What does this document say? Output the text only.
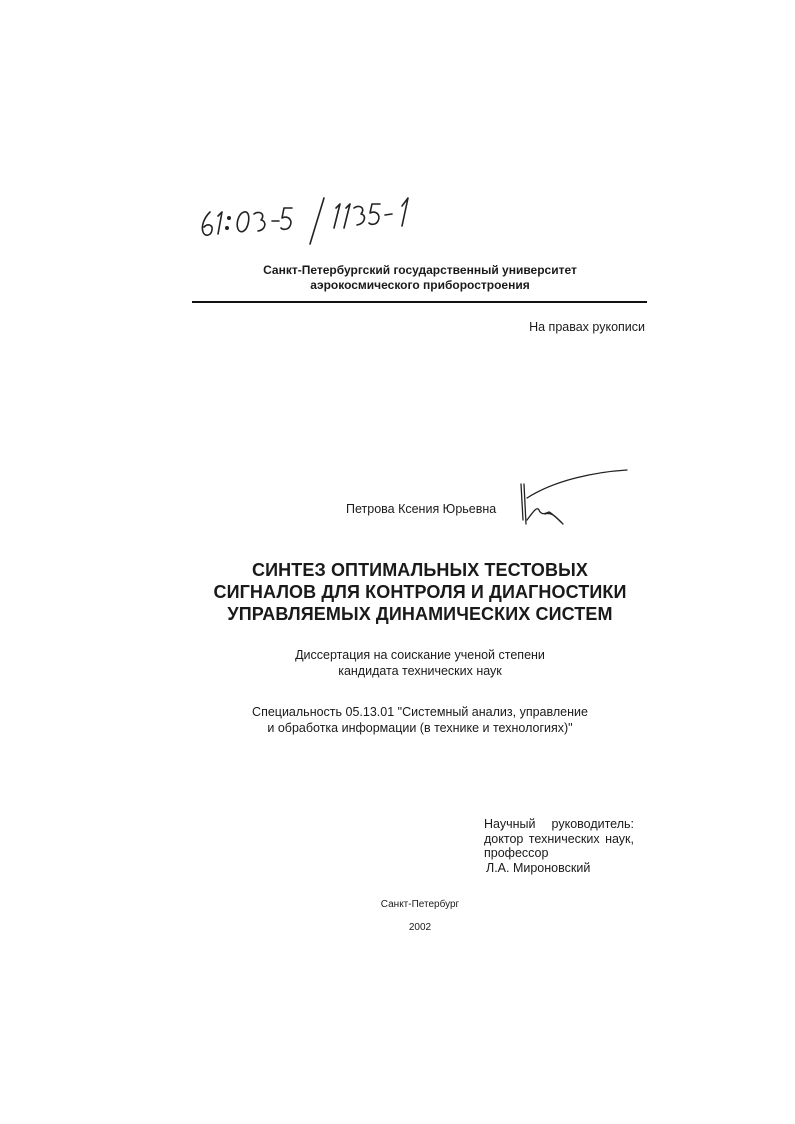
Санкт-Петербургский государственный университет
аэрокосмического приборостроения
На правах рукописи
Петрова Ксения Юрьевна
СИНТЕЗ ОПТИМАЛЬНЫХ ТЕСТОВЫХ
СИГНАЛОВ ДЛЯ КОНТРОЛЯ И ДИАГНОСТИКИ
УПРАВЛЯЕМЫХ ДИНАМИЧЕСКИХ СИСТЕМ
Диссертация на соискание ученой степени
кандидата технических наук
Специальность 05.13.01 "Системный анализ, управление
и обработка информации (в технике и технологиях)"
Научный руководитель:
доктор технических наук,
профессор
Л.А. Мироновский
Санкт-Петербург
2002
